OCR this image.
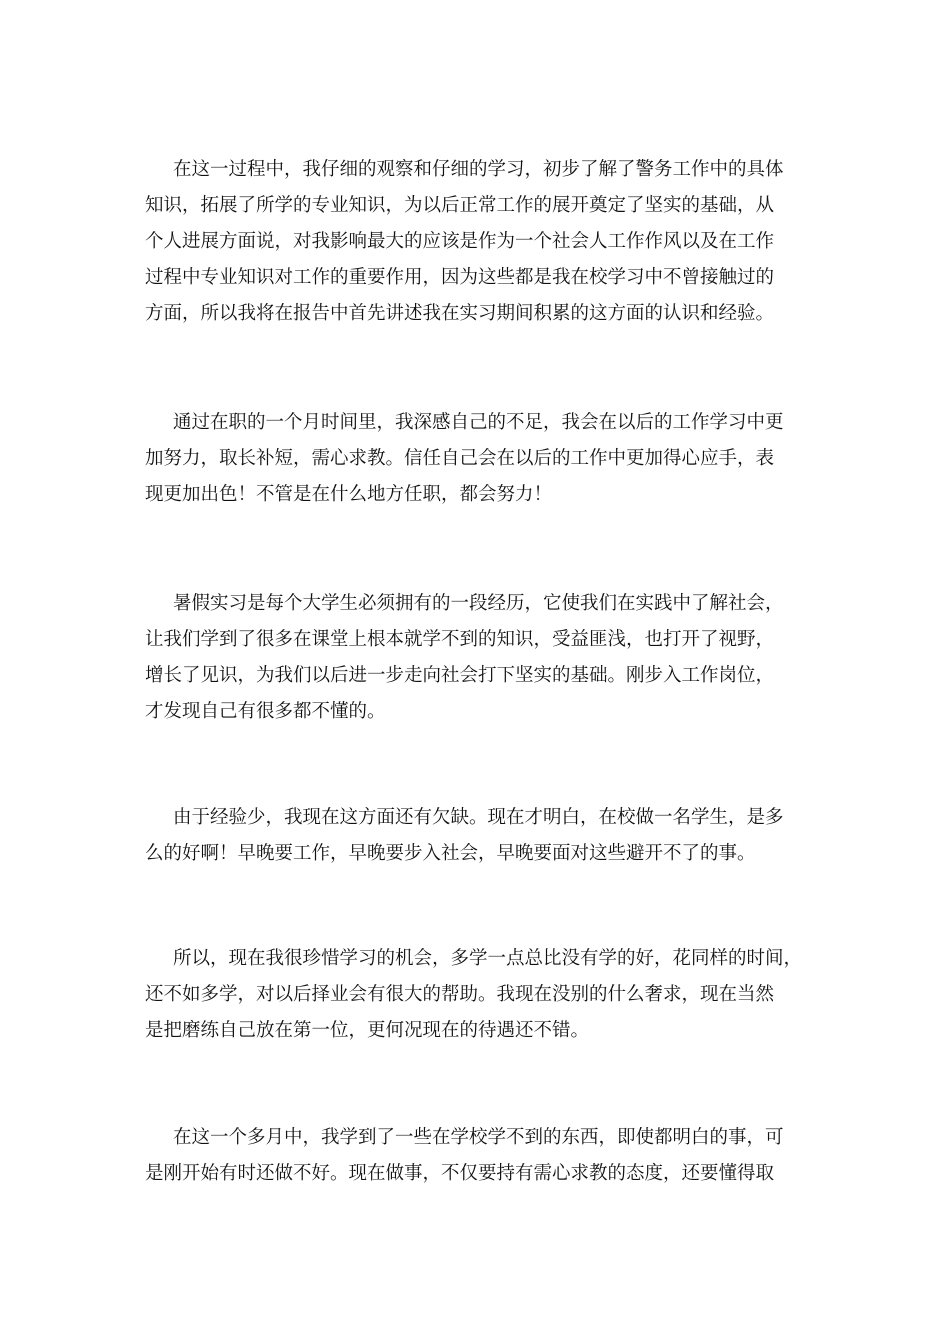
在这一过程中，我仔细的观察和仔细的学习，初步了解了警务工作中的具体
知识，拓展了所学的专业知识，为以后正常工作的展开奠定了坚实的基础，从
个人进展方面说，对我影响最大的应该是作为一个社会人工作作风以及在工作
过程中专业知识对工作的重要作用，因为这些都是我在校学习中不曾接触过的
方面，所以我将在报告中首先讲述我在实习期间积累的这方面的认识和经验。
通过在职的一个月时间里，我深感自己的不足，我会在以后的工作学习中更
加努力，取长补短，需心求教。信任自己会在以后的工作中更加得心应手，表
现更加出色！不管是在什么地方任职，都会努力！
暑假实习是每个大学生必须拥有的一段经历，它使我们在实践中了解社会，
让我们学到了很多在课堂上根本就学不到的知识，受益匪浅，也打开了视野，
增长了见识，为我们以后进一步走向社会打下坚实的基础。刚步入工作岗位，
才发现自己有很多都不懂的。
由于经验少，我现在这方面还有欠缺。现在才明白，在校做一名学生，是多
么的好啊！早晚要工作，早晚要步入社会，早晚要面对这些避开不了的事。
所以，现在我很珍惜学习的机会，多学一点总比没有学的好，花同样的时间，
还不如多学，对以后择业会有很大的帮助。我现在没别的什么奢求，现在当然
是把磨练自己放在第一位，更何况现在的待遇还不错。
在这一个多月中，我学到了一些在学校学不到的东西，即使都明白的事，可
是刚开始有时还做不好。现在做事，不仅要持有需心求教的态度，还要懂得取
